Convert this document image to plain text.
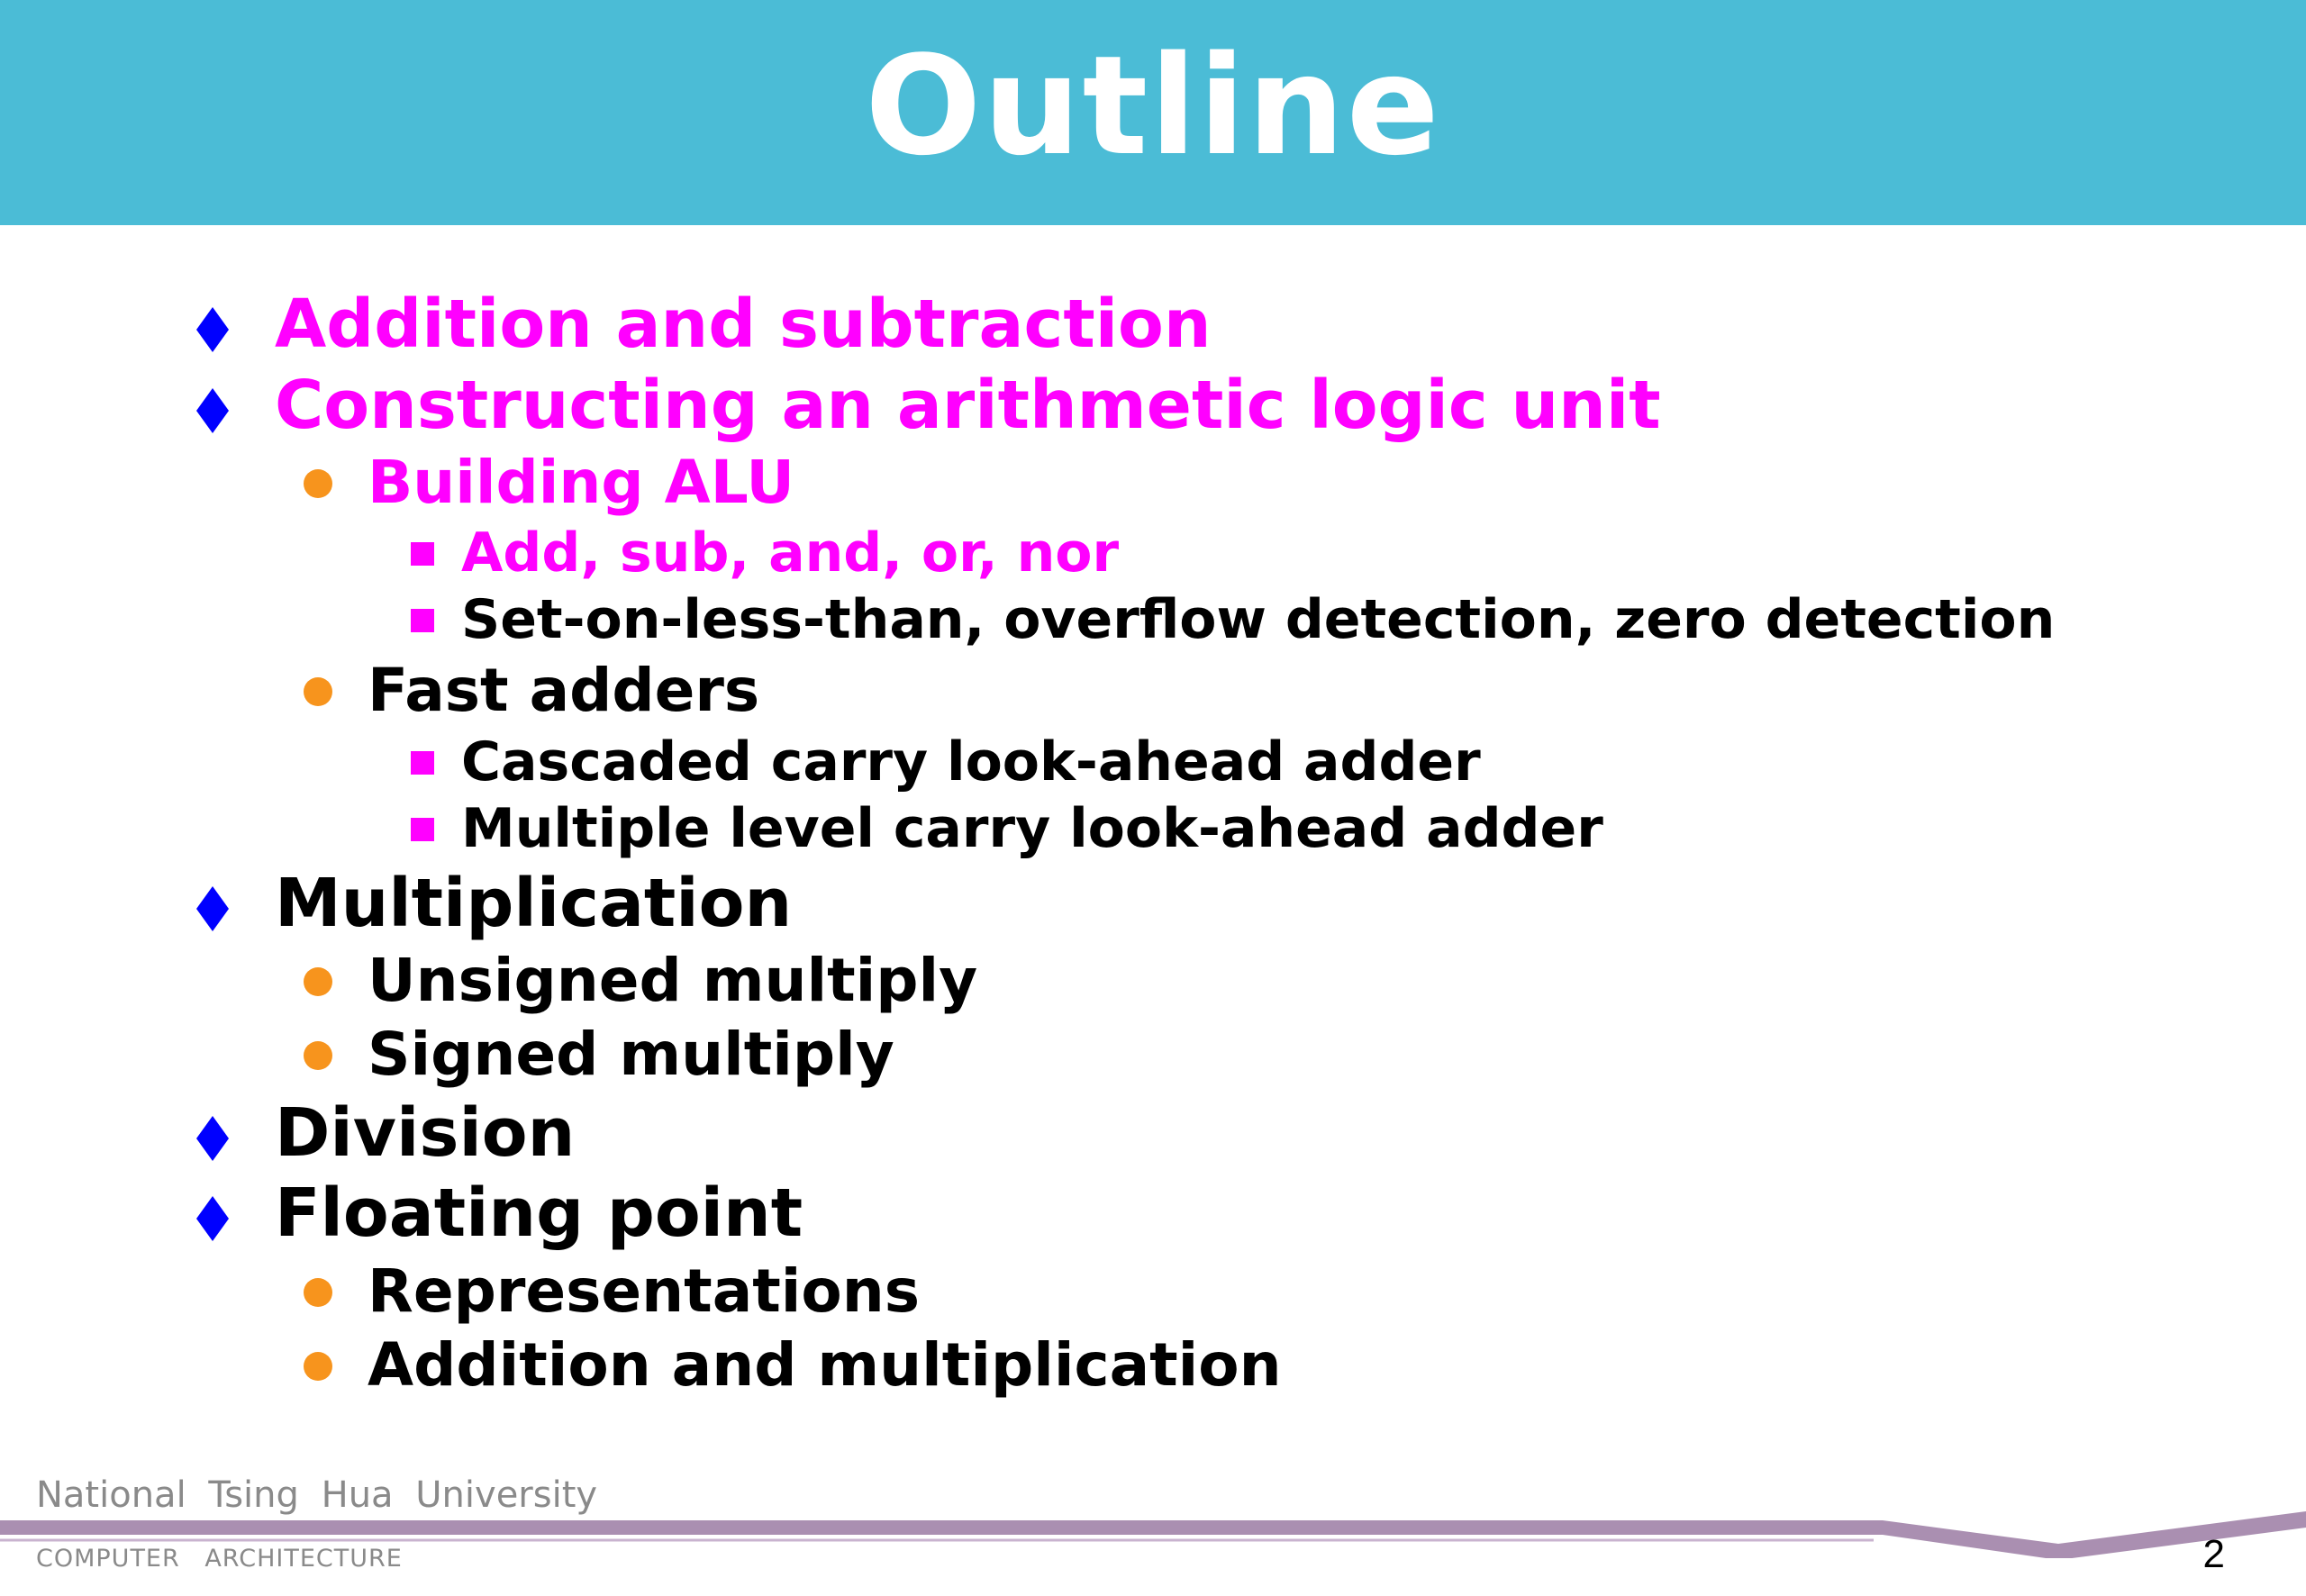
Outline
Addition and subtraction
Constructing an arithmetic logic unit
Building ALU
Add, sub, and, or, nor
Set-on-less-than, overflow detection, zero detection
Fast adders
Cascaded carry look-ahead adder
Multiple level carry look-ahead adder
Multiplication
Unsigned multiply
Signed multiply
Division
Floating point
Representations
Addition and multiplication
National Tsing Hua University
COMPUTER ARCHITECTURE	2
